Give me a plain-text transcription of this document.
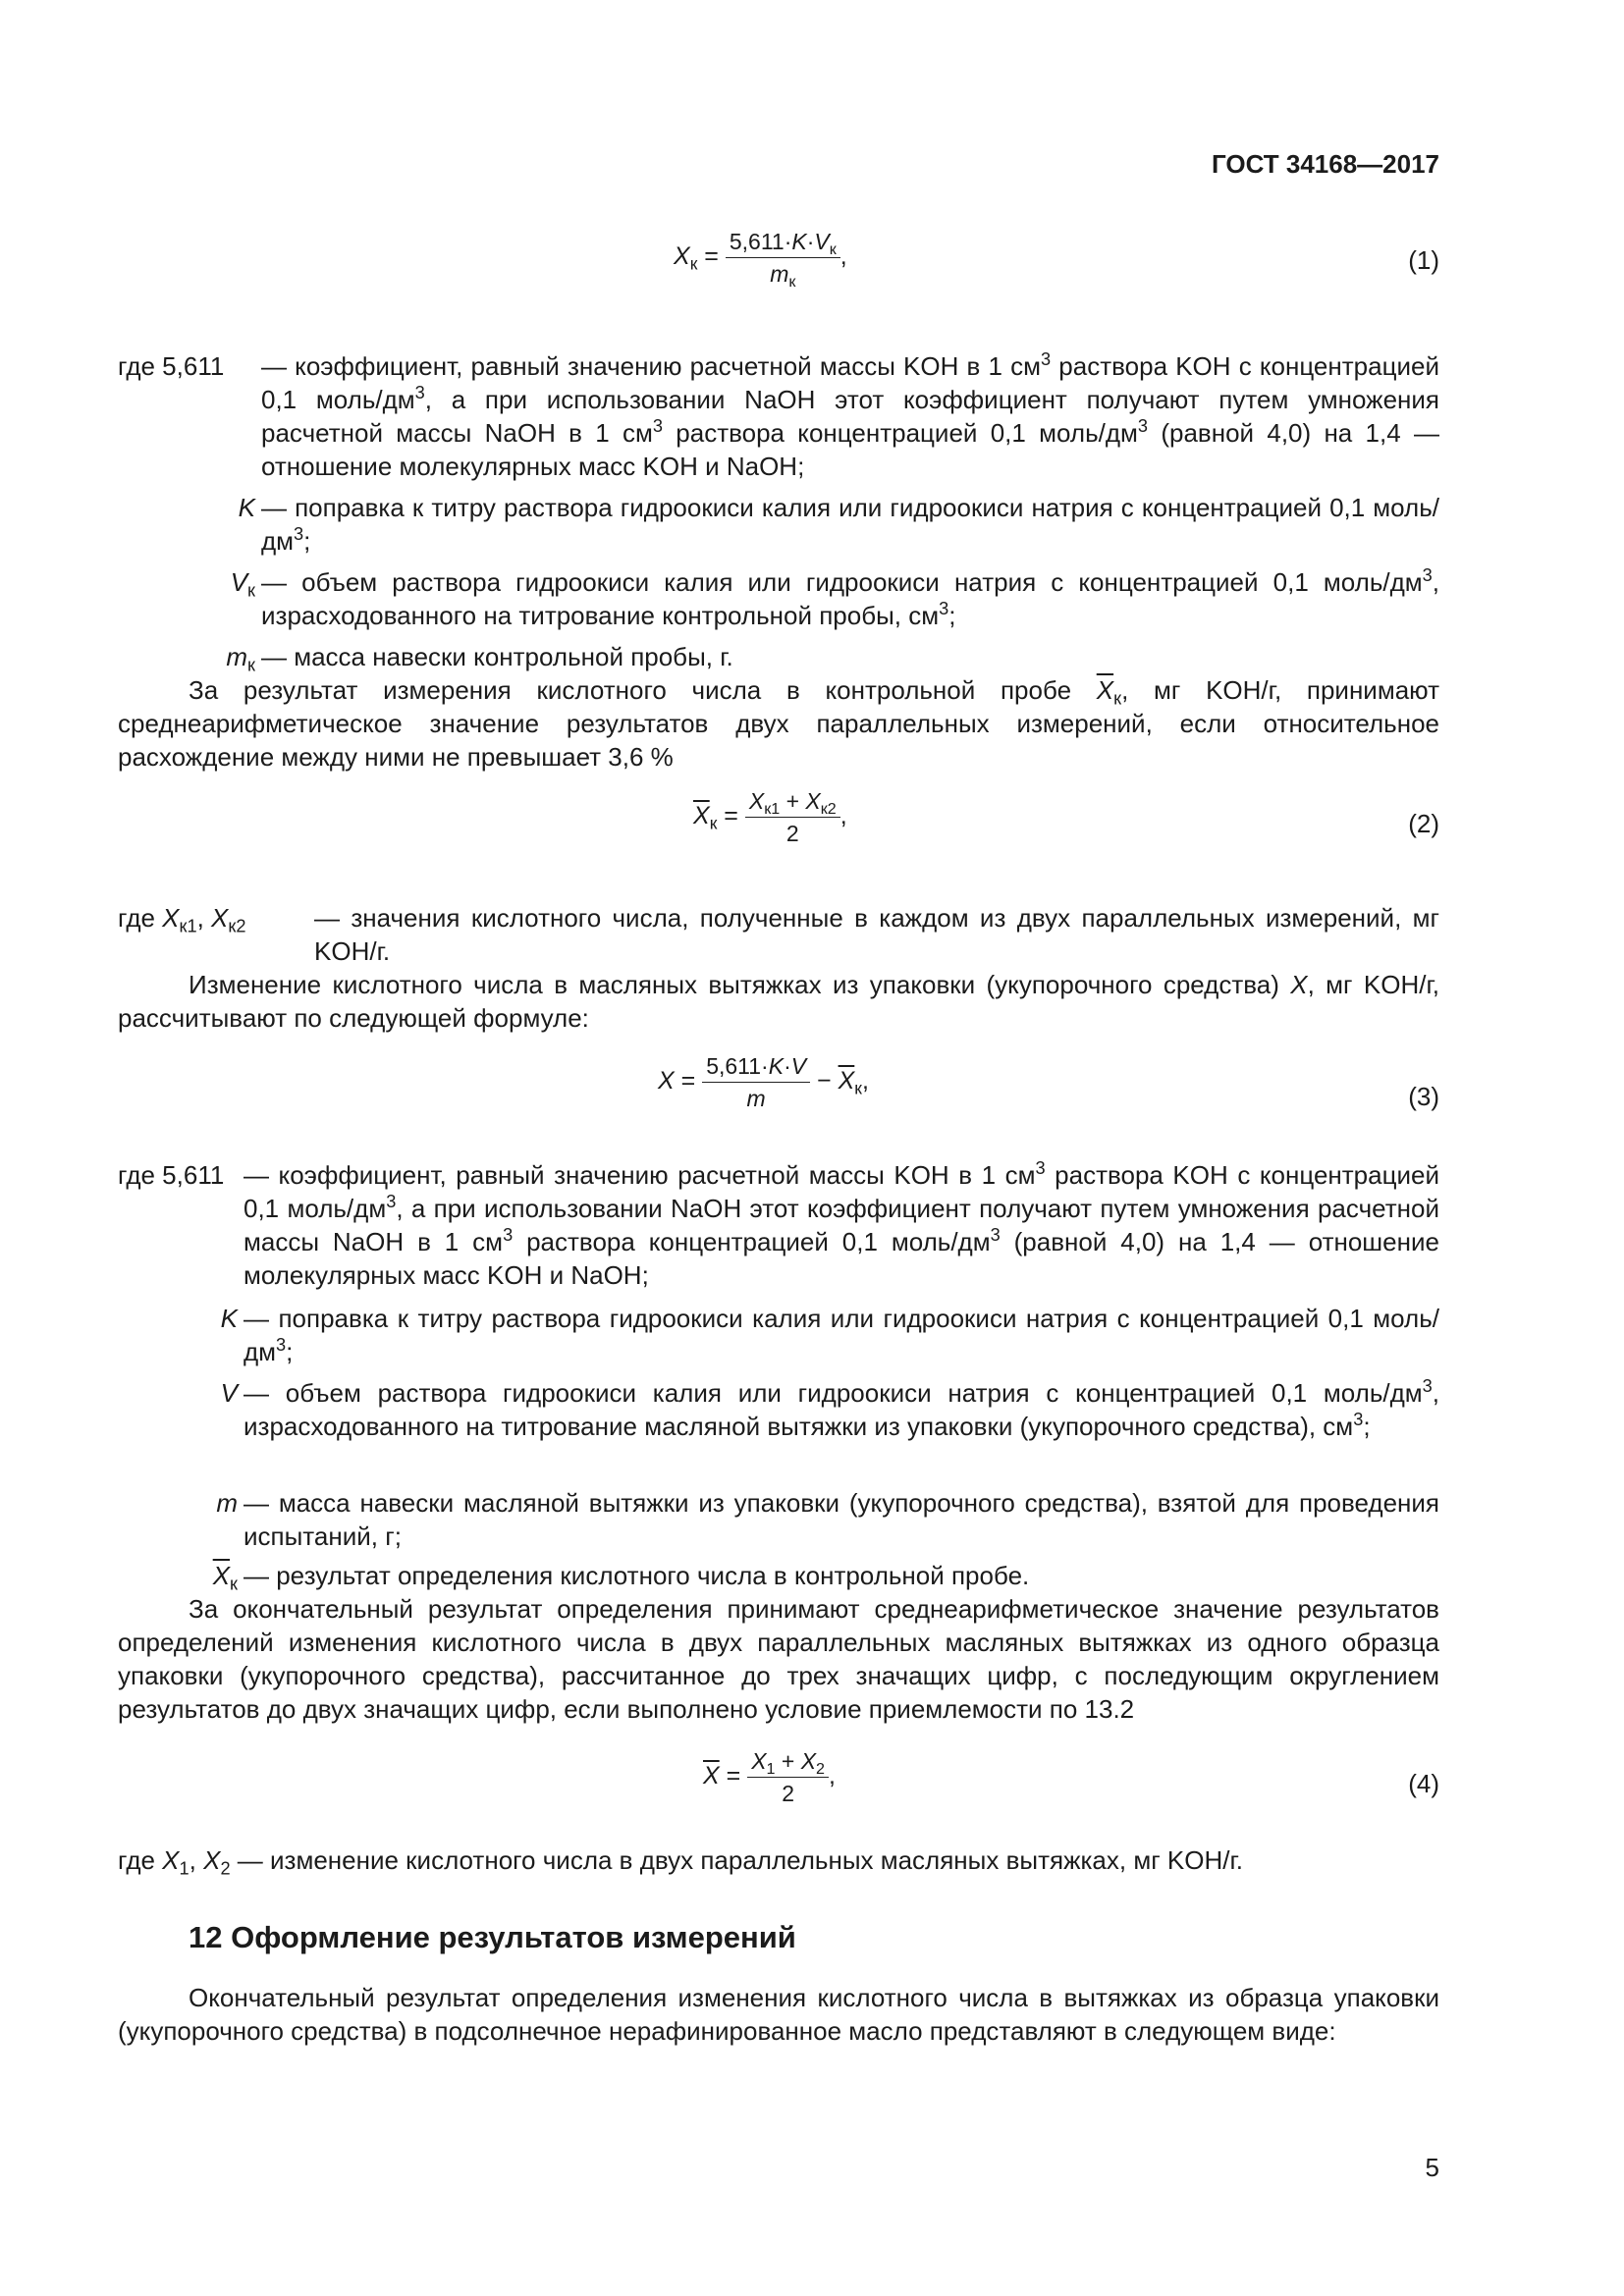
ГОСТ 34168—2017
$X_к = \frac{5,611\cdot K\cdot V_к}{m_к}$ ,	(1)
где 5,611	— коэффициент, равный значению расчетной массы KOH в 1 $см^3$ раствора KOH с концентрацией 0,1 моль/$дм^3$, а при использовании NaOH этот коэффициент получают путем умножения расчетной массы NaOH в 1 $см^3$ раствора концентрацией 0,1 моль/$дм^3$ (равной 4,0) на 1,4 — отношение молекулярных масс KOH и NaOH;
K — поправка к титру раствора гидроокиси калия или гидроокиси натрия с концентрацией 0,1 моль/$дм^3$;
$V_к$ — объем раствора гидроокиси калия или гидроокиси натрия с концентрацией 0,1 моль/$дм^3$, израсходованного на титрование контрольной пробы, $см^3$;
$m_к$ — масса навески контрольной пробы, г.
За результат измерения кислотного числа в контрольной пробе $\overline{X}_к$, мг KOH/г, принимают среднеарифметическое значение результатов двух параллельных измерений, если относительное расхождение между ними не превышает 3,6 %
$\overline{X}_к = \frac{X_{к1} + X_{к2}}{2}$ ,	(2)
где $X_{к1}$, $X_{к2}$	— значения кислотного числа, полученные в каждом из двух параллельных измерений, мг KOH/г.
Изменение кислотного числа в масляных вытяжках из упаковки (укупорочного средства) X, мг KOH/г, рассчитывают по следующей формуле:
$X = \frac{5,611\cdot K\cdot V}{m} - \overline{X}_к$,
(3)
где 5,611 — коэффициент, равный значению расчетной массы KOH в 1 $см^3$ раствора KOH с концентрацией 0,1 моль/$дм^3$, а при использовании NaOH этот коэффициент получают путем умножения расчетной массы NaOH в 1 $см^3$ раствора концентрацией 0,1 моль/$дм^3$ (равной 4,0) на 1,4 — отношение молекулярных масс KOH и NaOH;
K — поправка к титру раствора гидроокиси калия или гидроокиси натрия с концентрацией 0,1 моль/$дм^3$;
V — объем раствора гидроокиси калия или гидроокиси натрия с концентрацией 0,1 моль/$дм^3$, израсходованного на титрование масляной вытяжки из упаковки (укупорочного средства), $см^3$;
m — масса навески масляной вытяжки из упаковки (укупорочного средства), взятой для проведения испытаний, г;
$\overline{X}_к$ — результат определения кислотного числа в контрольной пробе.
За окончательный результат определения принимают среднеарифметическое значение результатов определений изменения кислотного числа в двух параллельных масляных вытяжках из одного образца упаковки (укупорочного средства), рассчитанное до трех значащих цифр, с последующим округлением результатов до двух значащих цифр, если выполнено условие приемлемости по 13.2
$\overline{X} = \frac{X_1 + X_2}{2}$ ,	(4)
где $X_1$, $X_2$ — изменение кислотного числа в двух параллельных масляных вытяжках, мг KOH/г.
12 Оформление результатов измерений
Окончательный результат определения изменения кислотного числа в вытяжках из образца упаковки (укупорочного средства) в подсолнечное нерафинированное масло представляют в следующем виде:
5
